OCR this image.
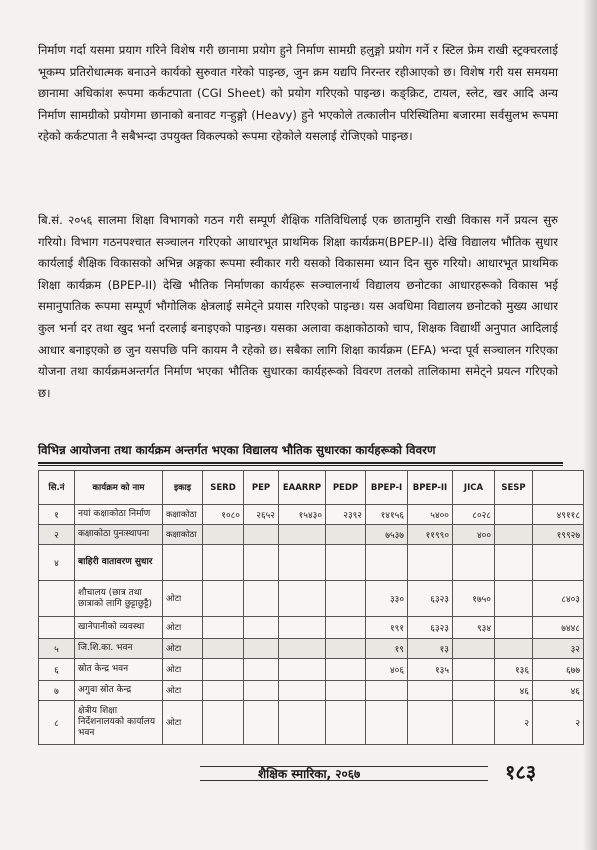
निर्माण गर्दा यसमा प्रयाग गरिने विशेष गरी छानामा प्रयोग हुने निर्माण सामग्री हलुङ्गो प्रयोग गर्ने र स्टिल फ्रेम राखी स्ट्रक्चरलाई भूकम्प प्रतिरोधात्मक बनाउने कार्यको सुरुवात गरेको पाइन्छ, जुन क्रम यद्यपि निरन्तर रहीआएको छ। विशेष गरी यस समयमा छानामा अधिकांश रूपमा कर्कटपाता (CGI Sheet) को प्रयोग गरिएको पाइन्छ। कङ्क्रिट, टायल, स्लेट, खर आदि अन्य निर्माण सामग्रीको प्रयोगमा छानाको बनावट गऱ्हुङ्गो (Heavy) हुने भएकोले तत्कालीन परिस्थितिमा बजारमा सर्वसुलभ रूपमा रहेको कर्कटपाता नै सबैभन्दा उपयुक्त विकल्पको रूपमा रहेकोले यसलाई रोजिएको पाइन्छ।

बि.सं. २०५६ सालमा शिक्षा विभागको गठन गरी सम्पूर्ण शैक्षिक गतिविधिलाई एक छातामुनि राखी विकास गर्ने प्रयत्न सुरु गरियो। विभाग गठनपश्चात सञ्चालन गरिएको आधारभूत प्राथमिक शिक्षा कार्यक्रम(BPEP-II) देखि विद्यालय भौतिक सुधार कार्यलाई शैक्षिक विकासको अभिन्न अङ्गका रूपमा स्वीकार गरी यसको विकासमा ध्यान दिन सुरु गरियो। आधारभूत प्राथमिक शिक्षा कार्यक्रम (BPEP-II) देखि भौतिक निर्माणका कार्यहरू सञ्चालनार्थ विद्यालय छनोटका आधारहरूको विकास भई समानुपातिक रूपमा सम्पूर्ण भौगोलिक क्षेत्रलाई समेट्ने प्रयास गरिएको पाइन्छ। यस अवधिमा विद्यालय छनोटको मुख्य आधार कुल भर्ना दर तथा खुद भर्ना दरलाई बनाइएको पाइन्छ। यसका अलावा कक्षाकोठाको चाप, शिक्षक विद्यार्थी अनुपात आदिलाई आधार बनाइएको छ जुन यसपछि पनि कायम नै रहेको छ। सबैका लागि शिक्षा कार्यक्रम (EFA) भन्दा पूर्व सञ्चालन गरिएका योजना तथा कार्यक्रमअन्तर्गत निर्माण भएका भौतिक सुधारका कार्यहरूको विवरण तलको तालिकामा समेट्ने प्रयत्न गरिएको छ।

विभिन्न आयोजना तथा कार्यक्रम अन्तर्गत भएका विद्यालय भौतिक सुधारका कार्यहरूको विवरण
सि.नं	कार्यक्रम को नाम	इकाइ	SERD	PEP	EAARRP	PEDP	BPEP-I	BPEP-II	JICA	SESP	
१	नयां कक्षाकोठा निर्माण	कक्षाकोठा	१०८०	२६५२	१५४३०	२३९२	१४१५६	५४००	८०२८		४९११८
२	कक्षाकोठा पुनःस्थापना	कक्षाकोठा					७५३७	११९९०	४००		१९९२७
४	बाहिरी वातावरण सुधार										
	शौचालय (छात्र तथा छात्राको लागि छुट्टाछुट्टै)	ओटा					३३०	६३२३	१७५०		८४०३
	खानेपानीको व्यवस्था	ओटा					१९१	६३२३	९३४		७४४८
५	जि.शि.का. भवन	ओटा					१९	१३			३२
६	स्रोत केन्द्र भवन	ओटा					४०६	१३५		१३६	६७७
७	अगुवा स्रोत केन्द्र	ओटा								४६	४६
८	क्षेत्रीय शिक्षा निर्देशनालयको कार्यालय भवन	ओटा								२	२
शैक्षिक स्मारिका, २०६७	१८३
